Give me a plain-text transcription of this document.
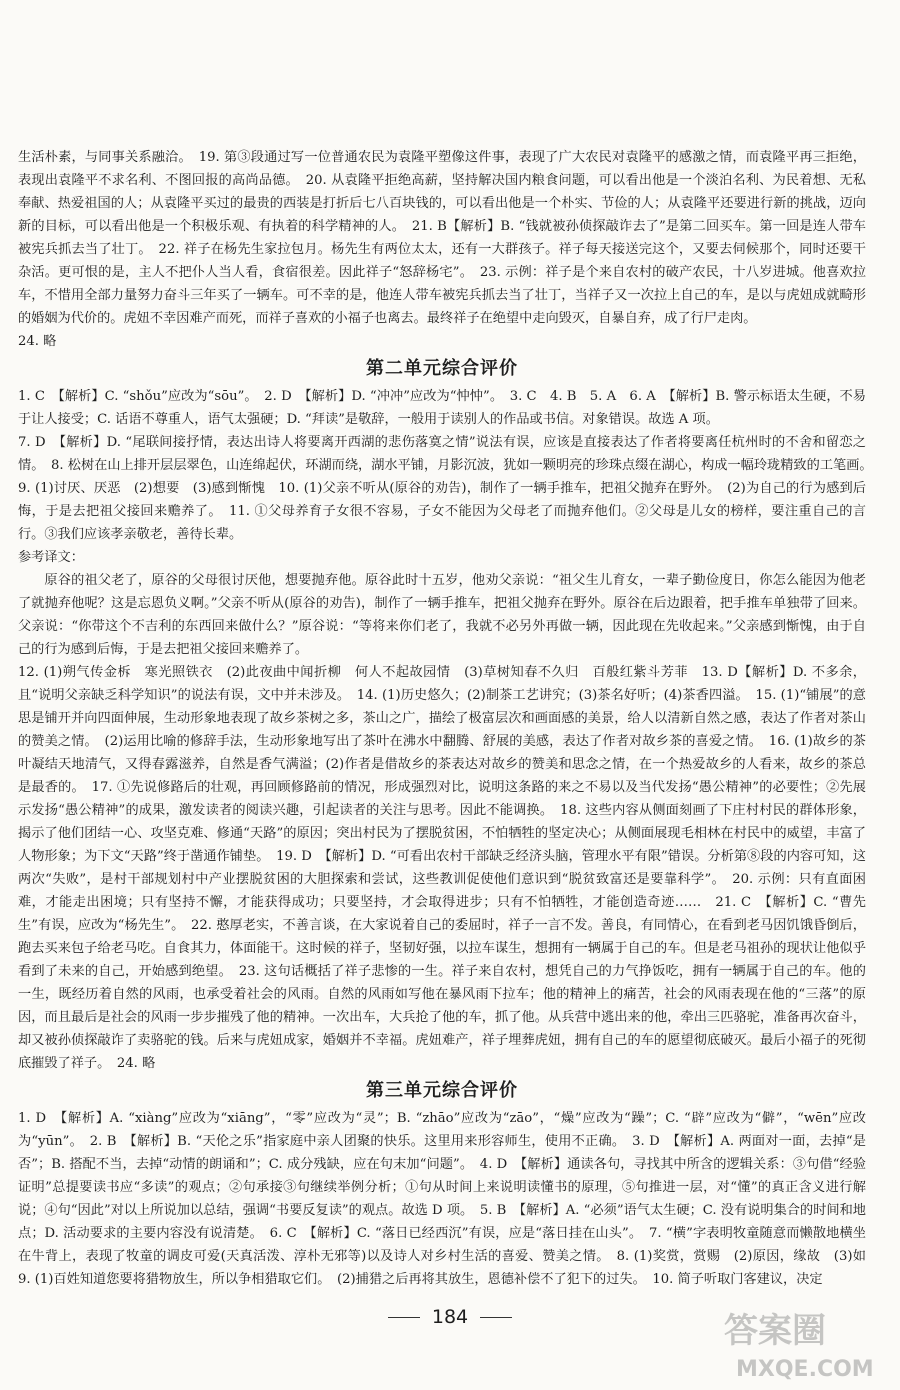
生活朴素，与同事关系融洽。　19. 第③段通过写一位普通农民为袁隆平塑像这件事，表现了广大农民对袁隆平的感激之情，而袁隆平再三拒绝，表现出袁隆平不求名利、不图回报的高尚品德。　20. 从袁隆平拒绝高薪，坚持解决国内粮食问题，可以看出他是一个淡泊名利、为民着想、无私奉献、热爱祖国的人；从袁隆平买过的最贵的西装是打折后七八百块钱的，可以看出他是一个朴实、节俭的人；从袁隆平还要进行新的挑战，迈向新的目标，可以看出他是一个积极乐观、有执着的科学精神的人。　21. B【解析】B. “钱就被孙侦探敲诈去了”是第二回买车。第一回是连人带车被宪兵抓去当了壮丁。　22. 祥子在杨先生家拉包月。杨先生有两位太太，还有一大群孩子。祥子每天接送完这个，又要去伺候那个，同时还要干杂活。更可恨的是，主人不把仆人当人看，食宿很差。因此祥子“怒辞杨宅”。　23. 示例：祥子是个来自农村的破产农民，十八岁进城。他喜欢拉车，不惜用全部力量努力奋斗三年买了一辆车。可不幸的是，他连人带车被宪兵抓去当了壮丁，当祥子又一次拉上自己的车，是以与虎妞成就畸形的婚姻为代价的。虎妞不幸因难产而死，而祥子喜欢的小福子也离去。最终祥子在绝望中走向毁灭，自暴自弃，成了行尸走肉。

24. 略

第二单元综合评价

1. C　【解析】C. “shǒu”应改为“sōu”。　2. D　【解析】D. “冲冲”应改为“忡忡”。　3. C　4. B　5. A　6. A　【解析】B. 警示标语太生硬，不易于让人接受；C. 话语不尊重人，语气太强硬；D. “拜读”是敬辞，一般用于读别人的作品或书信。对象错误。故选 A 项。

7. D　【解析】D. “尾联间接抒情，表达出诗人将要离开西湖的悲伤落寞之情”说法有误，应该是直接表达了作者将要离任杭州时的不舍和留恋之情。　8. 松树在山上排开层层翠色，山连绵起伏，环湖而绕，湖水平铺，月影沉波，犹如一颗明亮的珍珠点缀在湖心，构成一幅玲珑精致的工笔画。　9. (1)讨厌、厌恶　(2)想要　(3)感到惭愧　10. (1)父亲不听从(原谷的劝告)，制作了一辆手推车，把祖父抛弃在野外。　(2)为自己的行为感到后悔，于是去把祖父接回来赡养了。　11. ①父母养育子女很不容易，子女不能因为父母老了而抛弃他们。②父母是儿女的榜样，要注重自己的言行。③我们应该孝亲敬老，善待长辈。

参考译文：

原谷的祖父老了，原谷的父母很讨厌他，想要抛弃他。原谷此时十五岁，他劝父亲说：“祖父生儿育女，一辈子勤俭度日，你怎么能因为他老了就抛弃他呢？这是忘恩负义啊。”父亲不听从(原谷的劝告)，制作了一辆手推车，把祖父抛弃在野外。原谷在后边跟着，把手推车单独带了回来。父亲说：“你带这个不吉利的东西回来做什么？”原谷说：“等将来你们老了，我就不必另外再做一辆，因此现在先收起来。”父亲感到惭愧，由于自己的行为感到后悔，于是去把祖父接回来赡养了。

12. (1)朔气传金柝　寒光照铁衣　(2)此夜曲中闻折柳　何人不起故园情　(3)草树知春不久归　百般红紫斗芳菲　13. D【解析】D. 不多余，且“说明父亲缺乏科学知识”的说法有误，文中并未涉及。　14. (1)历史悠久；(2)制茶工艺讲究；(3)茶名好听；(4)茶香四溢。　15. (1)“铺展”的意思是铺开并向四面伸展，生动形象地表现了故乡茶树之多，茶山之广，描绘了极富层次和画面感的美景，给人以清新自然之感，表达了作者对茶山的赞美之情。　(2)运用比喻的修辞手法，生动形象地写出了茶叶在沸水中翻腾、舒展的美感，表达了作者对故乡茶的喜爱之情。　16. (1)故乡的茶叶凝结天地清气，又得春露滋养，自然是香气满溢；(2)作者是借故乡的茶表达对故乡的赞美和思念之情，在一个热爱故乡的人看来，故乡的茶总是最香的。　17. ①先说修路后的壮观，再回顾修路前的情况，形成强烈对比，说明这条路的来之不易以及当代发扬“愚公精神”的必要性；②先展示发扬“愚公精神”的成果，激发读者的阅读兴趣，引起读者的关注与思考。因此不能调换。　18. 这些内容从侧面刻画了下庄村村民的群体形象，揭示了他们团结一心、攻坚克难、修通“天路”的原因；突出村民为了摆脱贫困，不怕牺牲的坚定决心；从侧面展现毛相林在村民中的威望，丰富了人物形象；为下文“天路”终于凿通作铺垫。　19. D　【解析】D. “可看出农村干部缺乏经济头脑，管理水平有限”错误。分析第⑧段的内容可知，这两次“失败”，是村干部规划村中产业摆脱贫困的大胆探索和尝试，这些教训促使他们意识到“脱贫致富还是要靠科学”。　20. 示例：只有直面困难，才能走出困境；只有坚持不懈，才能获得成功；只要坚持，才会取得进步；只有不怕牺牲，才能创造奇迹……　21. C　【解析】C. “曹先生”有误，应改为“杨先生”。　22. 憨厚老实，不善言谈，在大家说着自己的委屈时，祥子一言不发。善良，有同情心，在看到老马因饥饿昏倒后，跑去买来包子给老马吃。自食其力，体面能干。这时候的祥子，坚韧好强，以拉车谋生，想拥有一辆属于自己的车。但是老马祖孙的现状让他似乎看到了未来的自己，开始感到绝望。　23. 这句话概括了祥子悲惨的一生。祥子来自农村，想凭自己的力气挣饭吃，拥有一辆属于自己的车。他的一生，既经历着自然的风雨，也承受着社会的风雨。自然的风雨如写他在暴风雨下拉车；他的精神上的痛苦，社会的风雨表现在他的“三落”的原因，而且最后是社会的风雨一步步摧残了他的精神。一次出车，大兵抢了他的车，抓了他。从兵营中逃出来的他，牵出三匹骆驼，准备再次奋斗，却又被孙侦探敲诈了卖骆驼的钱。后来与虎妞成家，婚姻并不幸福。虎妞难产，祥子埋葬虎妞，拥有自己的车的愿望彻底破灭。最后小福子的死彻底摧毁了祥子。　24. 略

第三单元综合评价

1. D　【解析】A. “xiàng”应改为“xiāng”，“零”应改为“灵”；B. “zhāo”应改为“zāo”，“燥”应改为“躁”；C. “辟”应改为“僻”，“wēn”应改为“yūn”。　2. B　【解析】B. “天伦之乐”指家庭中亲人团聚的快乐。这里用来形容师生，使用不正确。　3. D　【解析】A. 两面对一面，去掉“是否”；B. 搭配不当，去掉“动情的朗诵和”；C. 成分残缺，应在句末加“问题”。　4. D　【解析】通读各句，寻找其中所含的逻辑关系：③句借“经验证明”总提要读书应“多读”的观点；②句承接③句继续举例分析；①句从时间上来说明读懂书的原理，⑤句推进一层，对“懂”的真正含义进行解说；④句“因此”对以上所说加以总结，强调“书要反复读”的观点。故选 D 项。　5. B　【解析】A. “必须”语气太生硬；C. 没有说明集合的时间和地点；D. 活动要求的主要内容没有说清楚。　6. C　【解析】C. “落日已经西沉”有误，应是“落日挂在山头”。　7. “横”字表明牧童随意而懒散地横坐在牛背上，表现了牧童的调皮可爱(天真活泼、淳朴无邪等)以及诗人对乡村生活的喜爱、赞美之情。　8. (1)奖赏，赏赐　(2)原因，缘故　(3)如　9. (1)百姓知道您要将猎物放生，所以争相猎取它们。　(2)捕猎之后再将其放生，恩德补偿不了犯下的过失。　10. 简子听取门客建议，决定

184	答案圈
MXQE.COM
